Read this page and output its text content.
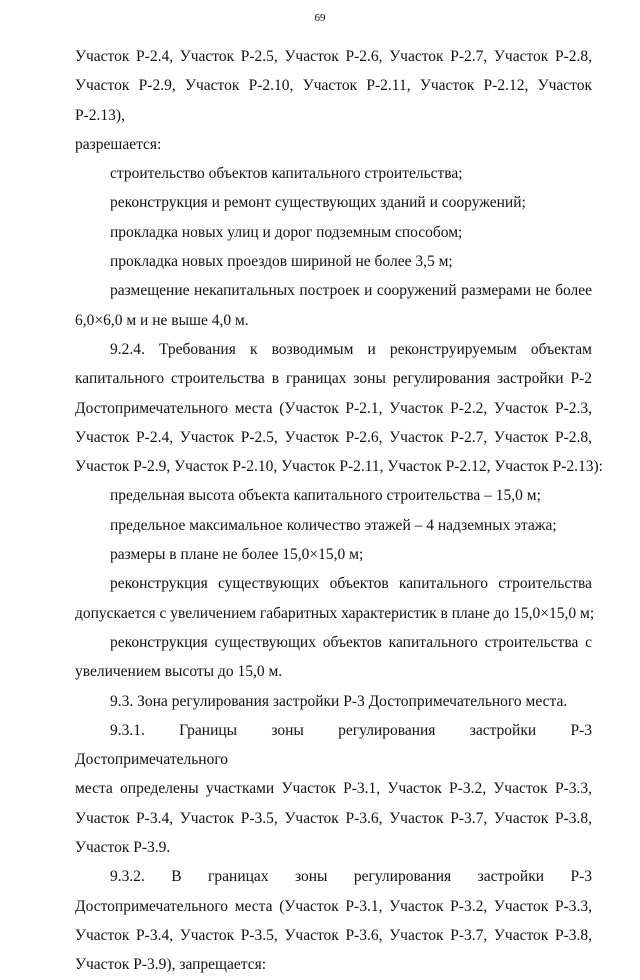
69

Участок Р-2.4, Участок Р-2.5, Участок Р-2.6, Участок Р-2.7, Участок Р-2.8,
Участок Р-2.9, Участок Р-2.10, Участок Р-2.11, Участок Р-2.12, Участок Р-2.13),
разрешается:

строительство объектов капитального строительства;

реконструкция и ремонт существующих зданий и сооружений;

прокладка новых улиц и дорог подземным способом;

прокладка новых проездов шириной не более 3,5 м;

размещение некапитальных построек и сооружений размерами не более
6,0×6,0 м и не выше 4,0 м.

9.2.4. Требования к возводимым и реконструируемым объектам
капитального строительства в границах зоны регулирования застройки Р-2
Достопримечательного места (Участок Р-2.1, Участок Р-2.2, Участок Р-2.3,
Участок Р-2.4, Участок Р-2.5, Участок Р-2.6, Участок Р-2.7, Участок Р-2.8,
Участок Р-2.9, Участок Р-2.10, Участок Р-2.11, Участок Р-2.12, Участок Р-2.13):

предельная высота объекта капитального строительства – 15,0 м;

предельное максимальное количество этажей – 4 надземных этажа;

размеры в плане не более 15,0×15,0 м;

реконструкция существующих объектов капитального строительства
допускается с увеличением габаритных характеристик в плане до 15,0×15,0 м;

реконструкция существующих объектов капитального строительства с
увеличением высоты до 15,0 м.

9.3. Зона регулирования застройки Р-3 Достопримечательного места.

9.3.1. Границы зоны регулирования застройки Р-3 Достопримечательного
места определены участками Участок Р-3.1, Участок Р-3.2, Участок Р-3.3,
Участок Р-3.4, Участок Р-3.5, Участок Р-3.6, Участок Р-3.7, Участок Р-3.8,
Участок Р-3.9.

9.3.2. В границах зоны регулирования застройки Р-3
Достопримечательного места (Участок Р-3.1, Участок Р-3.2, Участок Р-3.3,
Участок Р-3.4, Участок Р-3.5, Участок Р-3.6, Участок Р-3.7, Участок Р-3.8,
Участок Р-3.9), запрещается:
